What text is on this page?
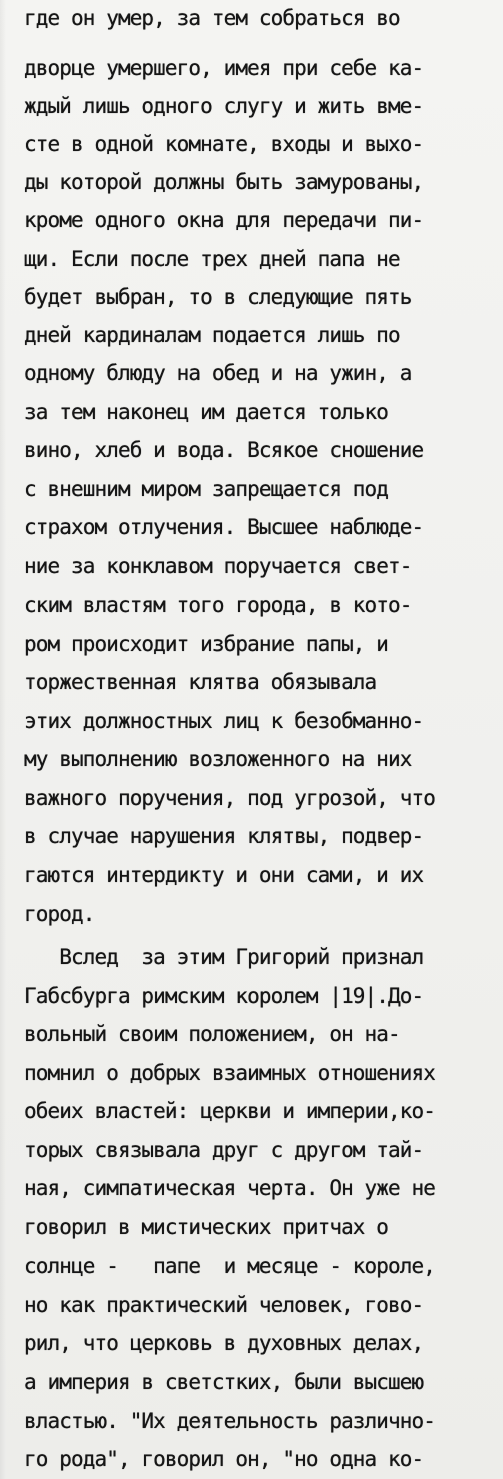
где он умер, за тем собраться во

дворце умершего, имея при себе ка-

ждый лишь одного слугу и жить вме-

сте в одной комнате, входы и выхо-

ды которой должны быть замурованы,

кроме одного окна для передачи пи-

щи. Если после трех дней папа не

будет выбран, то в следующие пять

дней кардиналам подается лишь по

одному блюду на обед и на ужин, а

за тем наконец им дается только

вино, хлеб и вода. Всякое сношение

с внешним миром запрещается под

страхом отлучения. Высшее наблюде-

ние за конклавом поручается свет-

ским властям того города, в кото-

ром происходит избрание папы, и

торжественная клятва обязывала

этих должностных лиц к безобманно-

му выполнению возложенного на них

важного поручения, под угрозой, что

в случае нарушения клятвы, подвер-

гаются интердикту и они сами, и их

город.

Вслед  за этим Григорий признал

Габсбурга римским королем |19|.До-

вольный своим положением, он на-

помнил о добрых взаимных отношениях

обеих властей: церкви и империи,ко-

торых связывала друг с другом тай-

ная, симпатическая черта. Он уже не

говорил в мистических притчах о

солнце -   папе  и месяце - короле,

но как практический человек, гово-

рил, что церковь в духовных делах,

а империя в светстких, были высшею

властью. "Их деятельность различно-

го рода", говорил он, "но одна ко-
